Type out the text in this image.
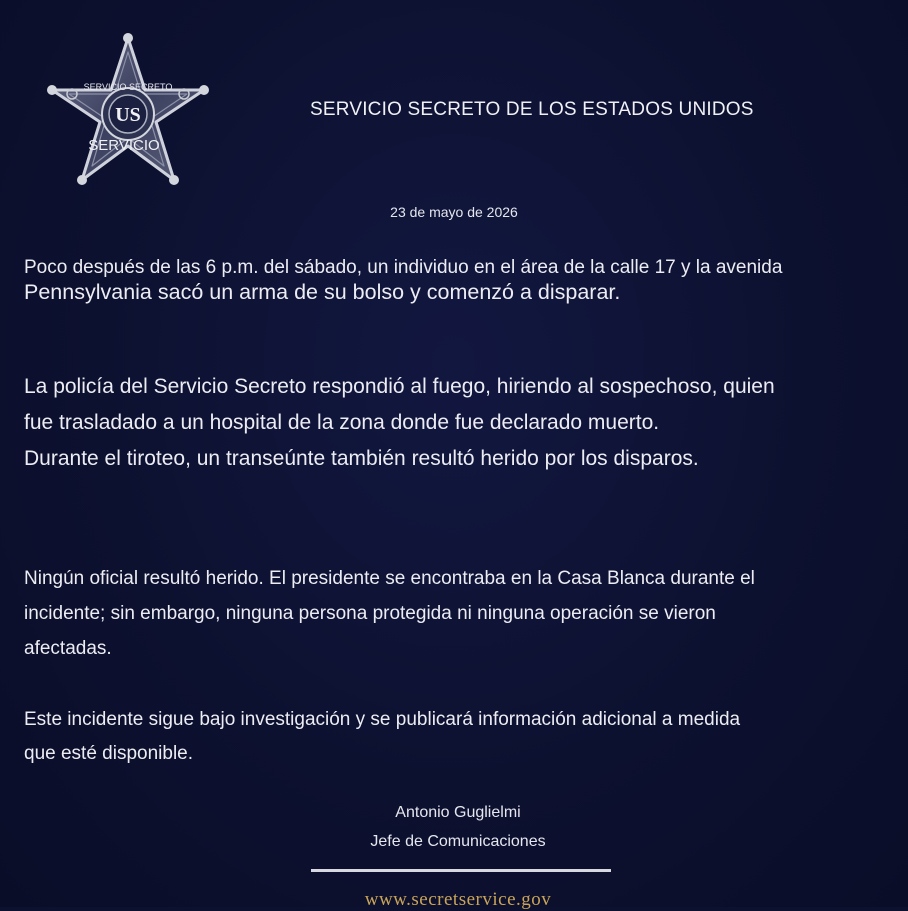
SERVICIO SECRETO
US
SERVICIO
SERVICIO SECRETO DE LOS ESTADOS UNIDOS
23 de mayo de 2026
Poco después de las 6 p.m. del sábado, un individuo en el área de la calle 17 y la avenida
Pennsylvania sacó un arma de su bolso y comenzó a disparar.
La policía del Servicio Secreto respondió al fuego, hiriendo al sospechoso, quien
fue trasladado a un hospital de la zona donde fue declarado muerto.
Durante el tiroteo, un transeúnte también resultó herido por los disparos.
Ningún oficial resultó herido. El presidente se encontraba en la Casa Blanca durante el
incidente; sin embargo, ninguna persona protegida ni ninguna operación se vieron
afectadas.
Este incidente sigue bajo investigación y se publicará información adicional a medida
que esté disponible.
Antonio Guglielmi
Jefe de Comunicaciones
www.secretservice.gov
